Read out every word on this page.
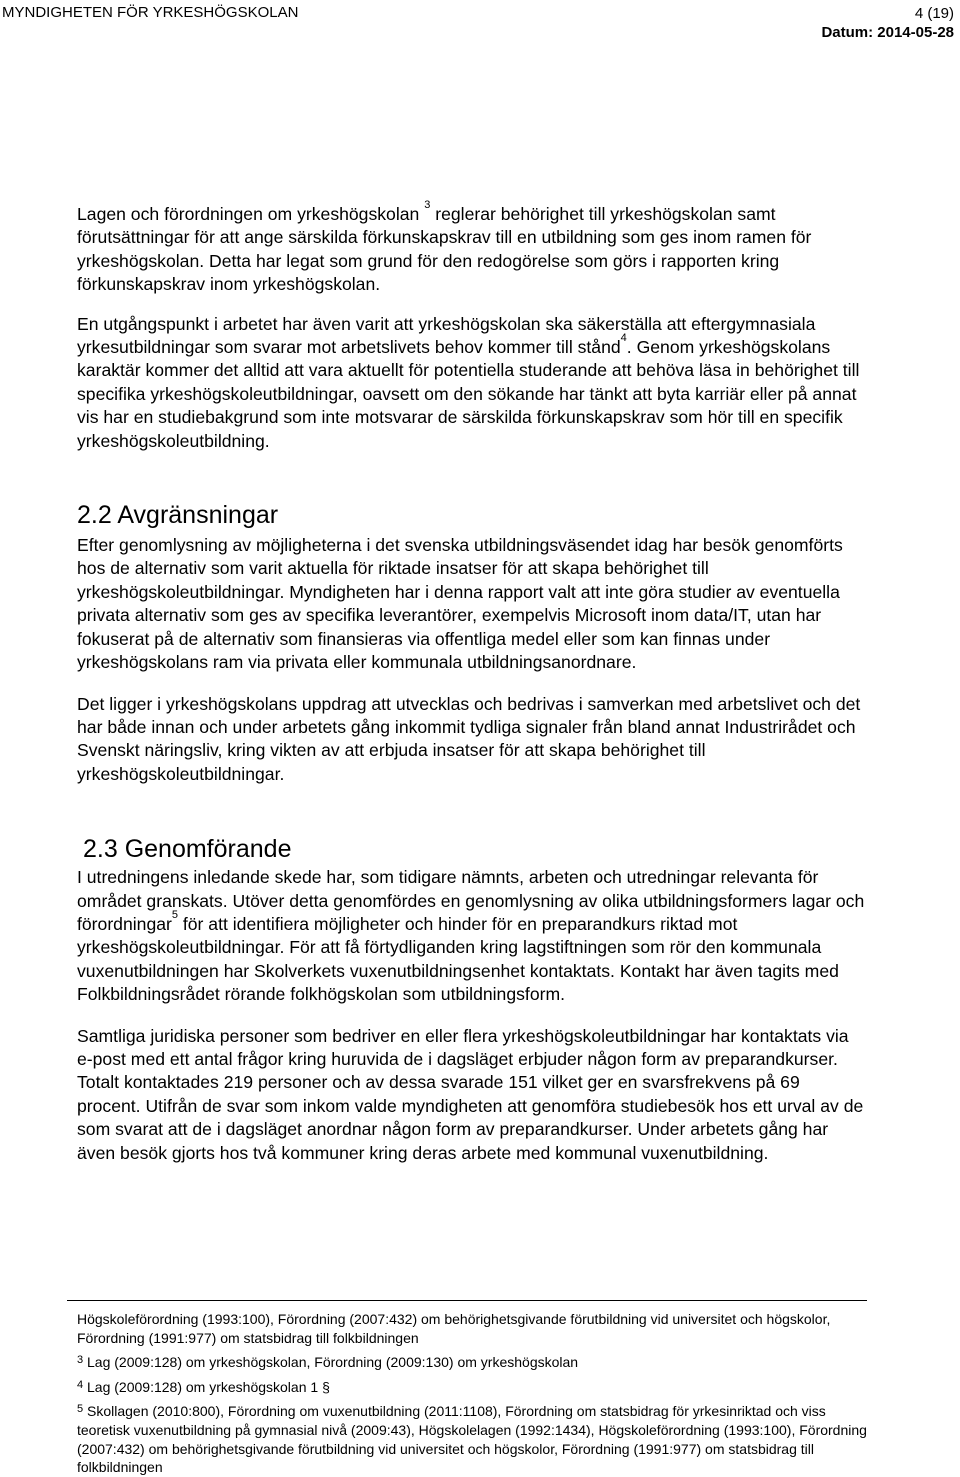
MYNDIGHETEN FÖR YRKESHÖGSKOLAN	4 (19)
Datum: 2014-05-28

Lagen och förordningen om yrkeshögskolan $^3$ reglerar behörighet till yrkeshögskolan samt förutsättningar för att ange särskilda förkunskapskrav till en utbildning som ges inom ramen för yrkeshögskolan. Detta har legat som grund för den redogörelse som görs i rapporten kring förkunskapskrav inom yrkeshögskolan.

En utgångspunkt i arbetet har även varit att yrkeshögskolan ska säkerställa att eftergymnasiala yrkesutbildningar som svarar mot arbetslivets behov kommer till stånd$^4$. Genom yrkeshögskolans karaktär kommer det alltid att vara aktuellt för potentiella studerande att behöva läsa in behörighet till specifika yrkeshögskoleutbildningar, oavsett om den sökande har tänkt att byta karriär eller på annat vis har en studiebakgrund som inte motsvarar de särskilda förkunskapskrav som hör till en specifik yrkeshögskoleutbildning.

2.2 Avgränsningar

Efter genomlysning av möjligheterna i det svenska utbildningsväsendet idag har besök genomförts hos de alternativ som varit aktuella för riktade insatser för att skapa behörighet till yrkeshögskoleutbildningar. Myndigheten har i denna rapport valt att inte göra studier av eventuella privata alternativ som ges av specifika leverantörer, exempelvis Microsoft inom data/IT, utan har fokuserat på de alternativ som finansieras via offentliga medel eller som kan finnas under yrkeshögskolans ram via privata eller kommunala utbildningsanordnare.

Det ligger i yrkeshögskolans uppdrag att utvecklas och bedrivas i samverkan med arbetslivet och det har både innan och under arbetets gång inkommit tydliga signaler från bland annat Industrirådet och Svenskt näringsliv, kring vikten av att erbjuda insatser för att skapa behörighet till yrkeshögskoleutbildningar.

2.3 Genomförande

I utredningens inledande skede har, som tidigare nämnts, arbeten och utredningar relevanta för området granskats. Utöver detta genomfördes en genomlysning av olika utbildningsformers lagar och förordningar$^5$ för att identifiera möjligheter och hinder för en preparandkurs riktad mot yrkeshögskoleutbildningar. För att få förtydliganden kring lagstiftningen som rör den kommunala vuxenutbildningen har Skolverkets vuxenutbildningsenhet kontaktats. Kontakt har även tagits med Folkbildningsrådet rörande folkhögskolan som utbildningsform.

Samtliga juridiska personer som bedriver en eller flera yrkeshögskoleutbildningar har kontaktats via e-post med ett antal frågor kring huruvida de i dagsläget erbjuder någon form av preparandkurser. Totalt kontaktades 219 personer och av dessa svarade 151 vilket ger en svarsfrekvens på 69 procent. Utifrån de svar som inkom valde myndigheten att genomföra studiebesök hos ett urval av de som svarat att de i dagsläget anordnar någon form av preparandkurser. Under arbetets gång har även besök gjorts hos två kommuner kring deras arbete med kommunal vuxenutbildning.

Högskoleförordning (1993:100), Förordning (2007:432) om behörighetsgivande förutbildning vid universitet och högskolor, Förordning (1991:977) om statsbidrag till folkbildningen

$^3$ Lag (2009:128) om yrkeshögskolan, Förordning (2009:130) om yrkeshögskolan

$^4$ Lag (2009:128) om yrkeshögskolan 1 §

$^5$ Skollagen (2010:800), Förordning om vuxenutbildning (2011:1108), Förordning om statsbidrag för yrkesinriktad och viss teoretisk vuxenutbildning på gymnasial nivå (2009:43), Högskolelagen (1992:1434), Högskoleförordning (1993:100), Förordning (2007:432) om behörighetsgivande förutbildning vid universitet och högskolor, Förordning (1991:977) om statsbidrag till folkbildningen
